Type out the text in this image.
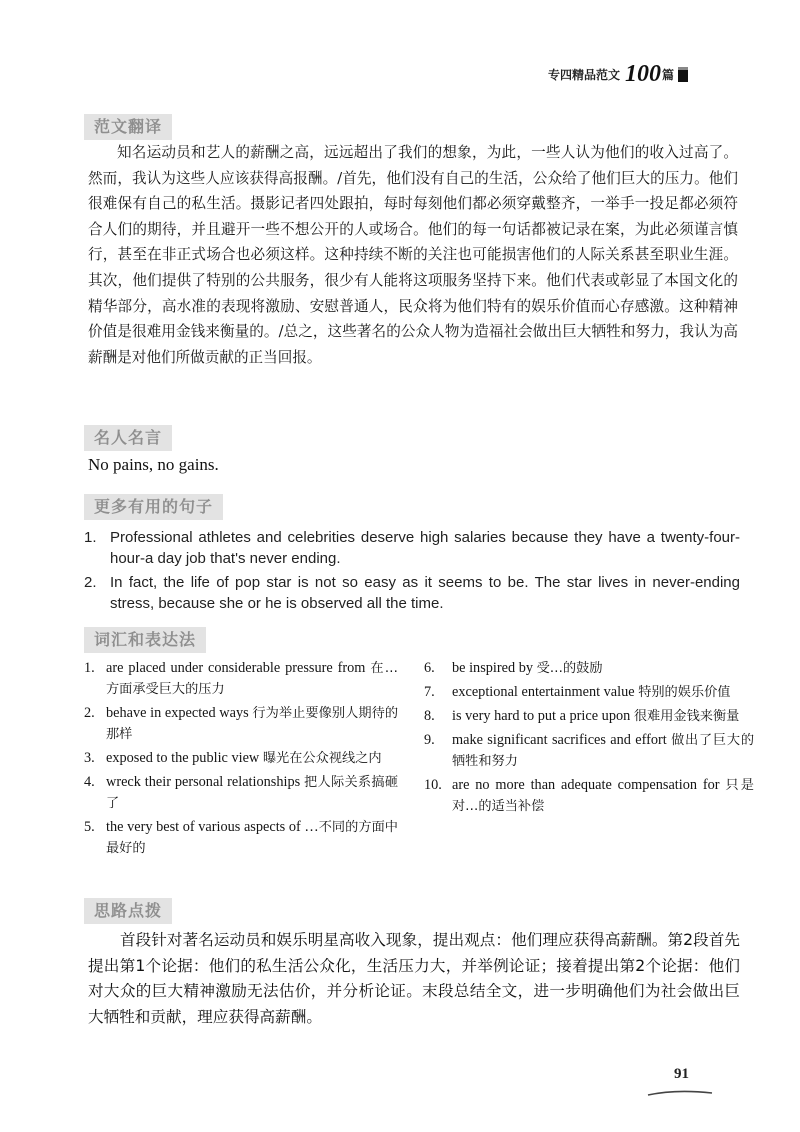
专四精品范文 100 篇
范文翻译

知名运动员和艺人的薪酬之高，远远超出了我们的想象，为此，一些人认为他们的收入过高了。然而，我认为这些人应该获得高报酬。/首先，他们没有自己的生活，公众给了他们巨大的压力。他们很难保有自己的私生活。摄影记者四处跟拍，每时每刻他们都必须穿戴整齐，一举手一投足都必须符合人们的期待，并且避开一些不想公开的人或场合。他们的每一句话都被记录在案，为此必须谨言慎行，甚至在非正式场合也必须这样。这种持续不断的关注也可能损害他们的人际关系甚至职业生涯。其次，他们提供了特别的公共服务，很少有人能将这项服务坚持下来。他们代表或彰显了本国文化的精华部分，高水准的表现将激励、安慰普通人，民众将为他们特有的娱乐价值而心存感激。这种精神价值是很难用金钱来衡量的。/总之，这些著名的公众人物为造福社会做出巨大牺牲和努力，我认为高薪酬是对他们所做贡献的正当回报。

名人名言

No pains, no gains.

更多有用的句子
1. Professional athletes and celebrities deserve high salaries because they have a twenty-four-hour-a day job that's never ending.
2. In fact, the life of pop star is not so easy as it seems to be. The star lives in never-ending stress, because she or he is observed all the time.
词汇和表达法
1. are placed under considerable pressure from 在…方面承受巨大的压力
2. behave in expected ways 行为举止要像别人期待的那样
3. exposed to the public view 曝光在公众视线之内
4. wreck their personal relationships 把人际关系搞砸了
5. the very best of various aspects of …不同的方面中最好的
6.	be inspired by 受…的鼓励
7.	exceptional entertainment value 特别的娱乐价值
8.	is very hard to put a price upon 很难用金钱来衡量
9.	make significant sacrifices and effort 做出了巨大的牺牲和努力
10. are no more than adequate compensation for 只是对…的适当补偿
思路点拨

首段针对著名运动员和娱乐明星高收入现象，提出观点：他们理应获得高薪酬。第2段首先提出第1个论据：他们的私生活公众化，生活压力大，并举例论证；接着提出第2个论据：他们对大众的巨大精神激励无法估价，并分析论证。末段总结全文，进一步明确他们为社会做出巨大牺牲和贡献，理应获得高薪酬。

91
